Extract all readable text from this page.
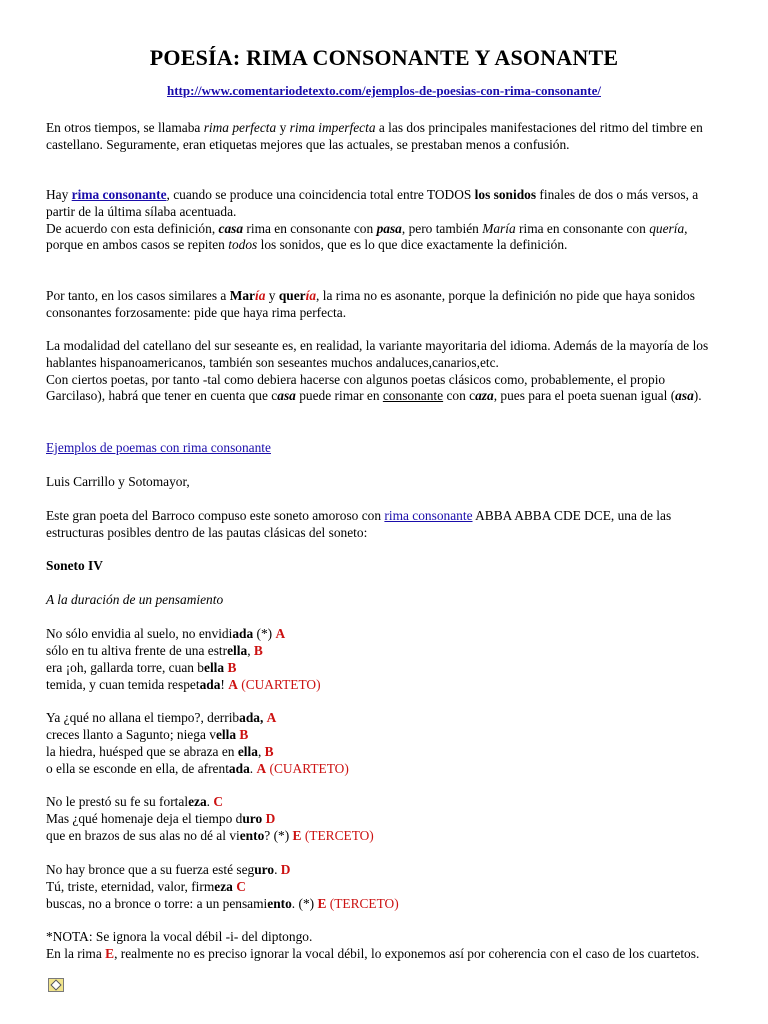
POESÍA: RIMA CONSONANTE Y ASONANTE
http://www.comentariodetexto.com/ejemplos-de-poesias-con-rima-consonante/

En otros tiempos, se llamaba rima perfecta y rima imperfecta a las dos principales manifestaciones del ritmo del timbre en castellano. Seguramente, eran etiquetas mejores que las actuales, se prestaban menos a confusión.

Hay rima consonante, cuando se produce una coincidencia total entre TODOS los sonidos finales de dos o más versos, a partir de la última sílaba acentuada.
De acuerdo con esta definición, casa rima en consonante con pasa, pero también María rima en consonante con quería, porque en ambos casos se repiten todos los sonidos, que es lo que dice exactamente la definición.

Por tanto, en los casos similares a María y quería, la rima no es asonante, porque la definición no pide que haya sonidos consonantes forzosamente: pide que haya rima perfecta.

La modalidad del catellano del sur seseante es, en realidad, la variante mayoritaria del idioma. Además de la mayoría de los hablantes hispanoamericanos, también son seseantes muchos andaluces,canarios,etc.
Con ciertos poetas, por tanto -tal como debiera hacerse con algunos poetas clásicos como, probablemente, el propio Garcilaso), habrá que tener en cuenta que casa puede rimar en consonante con caza, pues para el poeta suenan igual (asa).

Ejemplos de poemas con rima consonante

Luis Carrillo y Sotomayor,

Este gran poeta del Barroco compuso este soneto amoroso con rima consonante ABBA ABBA CDE DCE, una de las estructuras posibles dentro de las pautas clásicas del soneto:

Soneto IV

A la duración de un pensamiento

No sólo envidia al suelo, no envidiada (*) A

sólo en tu altiva frente de una estrella, B

era ¡oh, gallarda torre, cuan bella B

temida, y cuan temida respetada! A (CUARTETO)

Ya ¿qué no allana el tiempo?, derribada, A

creces llanto a Sagunto; niega vella B

la hiedra, huésped que se abraza en ella, B

o ella se esconde en ella, de afrentada. A (CUARTETO)

No le prestó su fe su fortaleza. C

Mas ¿qué homenaje deja el tiempo duro D

que en brazos de sus alas no dé al viento? (*) E (TERCETO)

No hay bronce que a su fuerza esté seguro. D

Tú, triste, eternidad, valor, firmeza C

buscas, no a bronce o torre: a un pensamiento. (*) E (TERCETO)

*NOTA: Se ignora la vocal débil -i- del diptongo.
En la rima E, realmente no es preciso ignorar la vocal débil, lo exponemos así por coherencia con el caso de los cuartetos.
